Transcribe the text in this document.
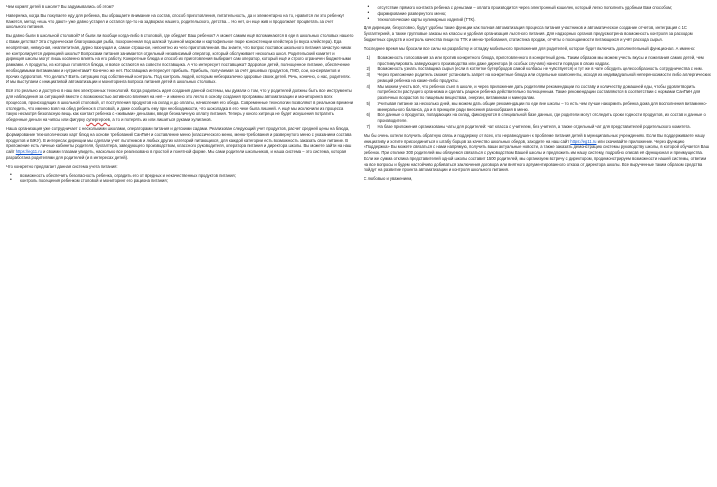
Чем кормят детей в школе? Вы задумывались об этом?

Наверняка, когда Вы покупаете еду для ребенка, Вы обращаете внимание на состав, способ приготовления, питательность, да и элементарно на то, нравится ли это ребенку! Кажется, метод «ешь что дают» уже давно устарел и остался где-то на задворках нашего, родительского, детства… Но нет, он еще жив и продолжает процветать за счет школьного питания.

Вы давно были в школьной столовой? И были ли вообще когда-либо в столовой, где обедает Ваш ребенок? А может самим ещё вспоминаются в еде в школьных столовых нашего с Вами детства? Эта студенческая благоухающая рыба, похороненная под шапкой тушеной моркови и картофельное пюре консистенции клейстера (и вкуса клейстера). Еда неопрятная, невкусная, неаппетитная, дурно пахнущая и, самое страшное, непонятно из чего приготовленная. Вы знаете, что вопрос поставок школьного питания зачастую никак не контролируется дирекцией школы? Вопросами питания занимается отдельный независимый оператор, который обслуживает несколько школ. Родительский комитет и дирекция школы могут лишь косвенно влиять на его работу. Конкретные блюда и способ их приготовления выбирает сам оператор, который ещё и строго ограничен бюджетными рамками. А продукты, из которых готовятся блюда, и вовсе остаются на совести поставщика. А что интересует поставщика? Здоровое детей, полноценное питание, обеспечение необходимыми витаминами и нутриентами? Конечно же нет. Поставщика интересует прибыль. Прибыль, получаемая за счёт дешевых продуктов, ГМО, сои, консервантов и прочих суррогатов. Что делать? Взять ситуацию под собственный контроль. Под контроль людей, которым небезразлично здоровье своих детей. Речь, конечно, о нас, родителях. И мы выступаем с инициативой автоматизации и мониторинга вопроса питания детей в школьных столовых.

Всё это реально и доступно в наш век электронных технологий. Когда родились идея создания данной системы, мы думали о том, что у родителей должны быть все инструменты для наблюдения за ситуацией вместе с возможностью активного влияния на неё – и именно это легло в основу создания программы автоматизации и мониторинга всех процессов, происходящих в школьной столовой, от поступления продуктов на склад и до оплаты, начисления его обеда. Современные технологии позволяют в реальном времени отследить, что именно взял на обед ребенок в столовой, и даже сообщить ему при необходимости, что шоколадка в его чеке была лишней. А ещё мы исключили из процесса такую несмотря безопасную вещь как контакт ребенка с «живыми» деньгами, введя безналичную оплату питания. Теперь у юного хитреца не будет искушения потратить обеденные деньги на чипсы или фигурку супергероев, а то и потерять их или лишиться руками хулиганов.

Наша организация уже сотрудничает с несколькими школами, операторами питания и детскими садами. Реализован следующий учет продуктов, расчет средней цены на блюда, формирование технологических карт блюд на основе требований СанПиН и составление меню (классического меню, меню-требования и развернутого меню с указанием состава продуктов и БЖУ). В интересах дирекции мы сделали учет льготников и любых других категорий питающихся, для каждой категории есть возможность заказать свое питание. В приложение есть личные кабинеты родителя, бухгалтера, заведующего производством, классного руководителя, оператора питания и директора школы. Вы можете зайти на наш сайт https://eg11.ru и своими глазами увидеть, насколько все реализовано в простой и понятной форме. Мы сами родители школьников, и наша система – это система, которая разработана родителями для родителей (и в интересах детей).

Что конкретно предлагает данная система учета питания:

• возможность обеспечить безопасность ребенка, оградить его от вредных и некачественных продуктов питания;
• контроль посещения ребенком столовой и мониторинг его рациона питания;
• отсутствие прямого контакта ребенка с деньгами – оплата производится через электронный кошелек, который легко пополнить удобным Вам способом;
• формирование развернутого меню;
• технологические карты кулинарных изделий (ТТК).

Для дирекции, безусловно, будут удобны такие функции как полная автоматизация процесса питания участников и автоматическое создание отчетов, интеграция с 1С бухгалтерией, а также групповые заказы на классы и удобная организация льготного питания. Для надзорных органов предусмотрена возможность контроля за расходом бюджетных средств и контроль качества пищи по ТТК и меню-требования, статистика продаж, отчёты о посещаемости питающихся и учёт расхода сырья.

Последнее время мы бросили все силы на разработку и отладку мобильного приложения для родителей, которое будет включать дополнительный функционал. А именно:

1)	Возможность голосования за или против конкретного блюда, приготовленного в конкретный день. Таким образом мы можем учесть вкусы и пожелания самих детей, чем простимулировать заведующего производства или даже директора (в особых случаях) нанести порядок в своих кадрах.
2)	Возможность узнать поставщика сырья (если в котлетке бутербродов самой колбасы не чувствуется) и тут же в чате обсудить целесообразность сотрудничества с ним.
3)	Через приложение родитель сможет установить запрет на конкретные блюда или отдельные компоненты, исходя из индивидуальной непереносимости либо аллергических реакций ребенка на какие-либо продукты.
4)	Мы можем учесть всё, что ребенок съел в школе, и через приложение дать родителям рекомендации по составу и количеству домашней еды, чтобы удовлетворить потребности растущего организма и сделать рацион ребенка действительно полноценным. Такие рекомендации составляются в соответствии с нормами СанПиН для различных возрастов по пищевым веществам, энергии, витаминам и минералам.
5)	Учитывая питание за несколько дней, мы можем дать общие рекомендации по еде вне школы – то есть чем лучше накормить ребенка дома для восполнения витаминно-минерального баланса, да и в принципе ради внесения разнообразия в меню.
6)	Все данные о продуктах, попадающих на склад, фиксируются в специальной базе данных, где родители могут отследить сроки годности продуктов, их состав и данные о производителе.
7)	На базе приложения организованы чаты для родителей: чат класса с учителем, без учителя, а также отдельный чат для представителей родительского комитета.

Мы бы очень хотели получить обратную связь и поддержку от всех, кто неравнодушен к проблеме питания детей в муниципальных учреждениях. Если Вы поддерживаете нашу инициативу и хотите присоединиться к штабу борцов за качество школьных обедов, заходите на наш сайт https://eg11.ru или скачивайте приложение. Через функцию «Поддержка» Вы можете связаться с нами напрямую, получить ваши актуальные новости, а также заказать демонстрацию системы руководству школы, в которой обучается Ваш ребенок. При отклике 300 родителей мы обязуемся связаться с руководством Вашей школы и предложить им нашу систему, подробно описав её функционал и преимущества. Если же сумма отклика представителей одной школы составит 1500 родителей, мы организуем встречу с директором, продемонстрируем возможности нашей системы, ответим на все вопросы и будем настойчиво добиваться заключения договора или внятного аргументированного отказа от директора школы. Все вырученные таким образом средства пойдут на развитие проекта автоматизации и контроля школьного питания.

С любовью и уважением,
